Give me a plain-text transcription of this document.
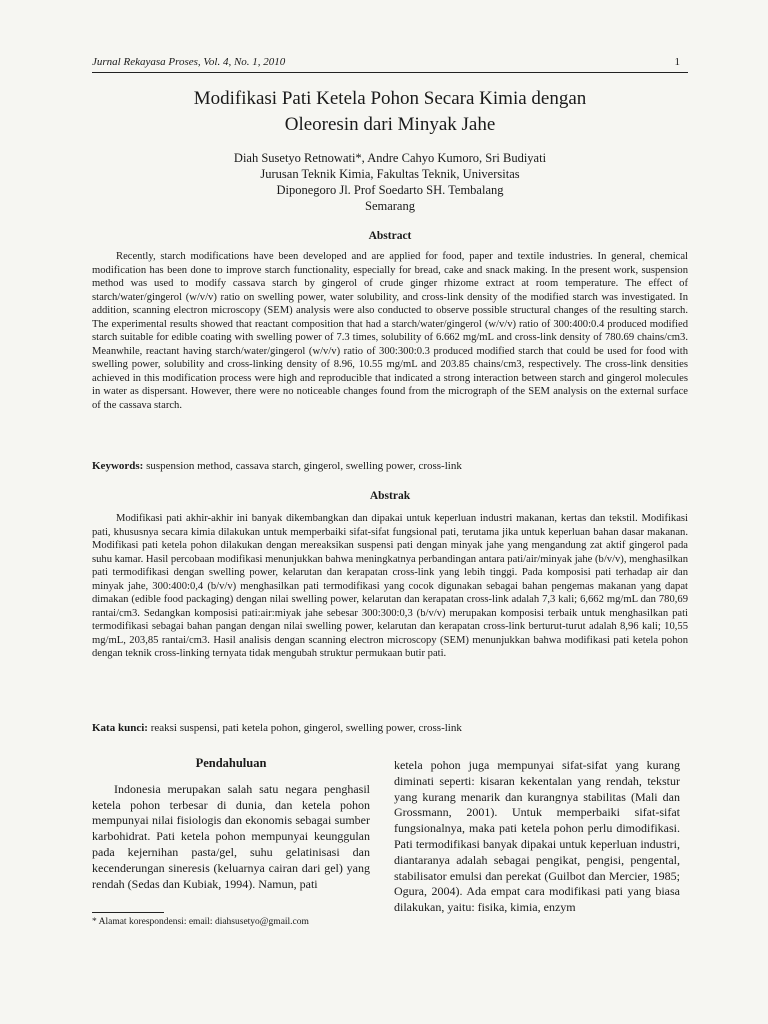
Jurnal Rekayasa Proses, Vol. 4, No. 1, 2010	1
Modifikasi Pati Ketela Pohon Secara Kimia dengan
Oleoresin dari Minyak Jahe
Diah Susetyo Retnowati*, Andre Cahyo Kumoro, Sri Budiyati
Jurusan Teknik Kimia, Fakultas Teknik, Universitas
Diponegoro Jl. Prof Soedarto SH. Tembalang
Semarang
Abstract

Recently, starch modifications have been developed and are applied for food, paper and textile industries. In general, chemical modification has been done to improve starch functionality, especially for bread, cake and snack making. In the present work, suspension method was used to modify cassava starch by gingerol of crude ginger rhizome extract at room temperature. The effect of starch/water/gingerol (w/v/v) ratio on swelling power, water solubility, and cross-link density of the modified starch was investigated. In addition, scanning electron microscopy (SEM) analysis were also conducted to observe possible structural changes of the resulting starch. The experimental results showed that reactant composition that had a starch/water/gingerol (w/v/v) ratio of 300:400:0.4 produced modified starch suitable for edible coating with swelling power of 7.3 times, solubility of 6.662 mg/mL and cross-link density of 780.69 chains/cm3. Meanwhile, reactant having starch/water/gingerol (w/v/v) ratio of 300:300:0.3 produced modified starch that could be used for food with swelling power, solubility and cross-linking density of 8.96, 10.55 mg/mL and 203.85 chains/cm3, respectively. The cross-link densities achieved in this modification process were high and reproducible that indicated a strong interaction between starch and gingerol molecules in water as dispersant. However, there were no noticeable changes found from the micrograph of the SEM analysis on the external surface of the cassava starch.

Keywords: suspension method, cassava starch, gingerol, swelling power, cross-link
Abstrak

Modifikasi pati akhir-akhir ini banyak dikembangkan dan dipakai untuk keperluan industri makanan, kertas dan tekstil. Modifikasi pati, khususnya secara kimia dilakukan untuk memperbaiki sifat-sifat fungsional pati, terutama jika untuk keperluan bahan dasar makanan. Modifikasi pati ketela pohon dilakukan dengan mereaksikan suspensi pati dengan minyak jahe yang mengandung zat aktif gingerol pada suhu kamar. Hasil percobaan modifikasi menunjukkan bahwa meningkatnya perbandingan antara pati/air/minyak jahe (b/v/v), menghasilkan pati termodifikasi dengan swelling power, kelarutan dan kerapatan cross-link yang lebih tinggi. Pada komposisi pati terhadap air dan minyak jahe, 300:400:0,4 (b/v/v) menghasilkan pati termodifikasi yang cocok digunakan sebagai bahan pengemas makanan yang dapat dimakan (edible food packaging) dengan nilai swelling power, kelarutan dan kerapatan cross-link adalah 7,3 kali; 6,662 mg/mL dan 780,69 rantai/cm3. Sedangkan komposisi pati:air:miyak jahe sebesar 300:300:0,3 (b/v/v) merupakan komposisi terbaik untuk menghasilkan pati termodifikasi sebagai bahan pangan dengan nilai swelling power, kelarutan dan kerapatan cross-link berturut-turut adalah 8,96 kali; 10,55 mg/mL, 203,85 rantai/cm3. Hasil analisis dengan scanning electron microscopy (SEM) menunjukkan bahwa modifikasi pati ketela pohon dengan teknik cross-linking ternyata tidak mengubah struktur permukaan butir pati.

Kata kunci: reaksi suspensi, pati ketela pohon, gingerol, swelling power, cross-link
Pendahuluan

Indonesia merupakan salah satu negara penghasil ketela pohon terbesar di dunia, dan ketela pohon mempunyai nilai fisiologis dan ekonomis sebagai sumber karbohidrat. Pati ketela pohon mempunyai keunggulan pada kejernihan pasta/gel, suhu gelatinisasi dan kecenderungan sineresis (keluarnya cairan dari gel) yang rendah (Sedas dan Kubiak, 1994). Namun, pati

ketela pohon juga mempunyai sifat-sifat yang kurang diminati seperti: kisaran kekentalan yang rendah, tekstur yang kurang menarik dan kurangnya stabilitas (Mali dan Grossmann, 2001). Untuk memperbaiki sifat-sifat fungsionalnya, maka pati ketela pohon perlu dimodifikasi. Pati termodifikasi banyak dipakai untuk keperluan industri, diantaranya adalah sebagai pengikat, pengisi, pengental, stabilisator emulsi dan perekat (Guilbot dan Mercier, 1985; Ogura, 2004). Ada empat cara modifikasi pati yang biasa dilakukan, yaitu: fisika, kimia, enzym

* Alamat korespondensi: email: diahsusetyo@gmail.com
